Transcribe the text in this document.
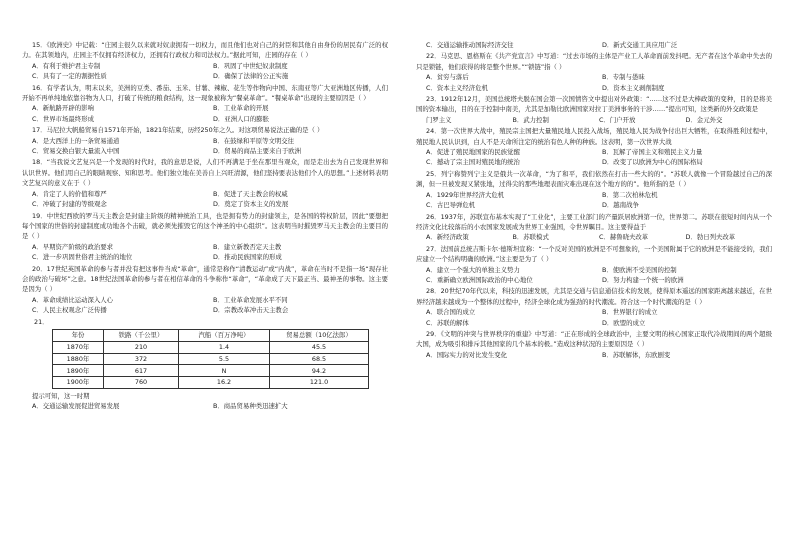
15．《欧洲史》中记载：“庄园主很久以来就对奴隶拥有一切权力，而且他们也对自己的封臣和其他自由身份的居民有广泛的权力。在其领地内，庄园主不仅拥有经济权力，还拥有行政权力和司法权力。”据此可知，庄园的存在（ ）

A．有利于维护君主专制	B．巩固了中世纪奴隶制度
C．具有了一定的割据性质	D．确保了法律的公正实施

16．有学者认为，明末以来，美洲的豆类、番茄、玉米、甘薯、辣椒、花生等作物向中国、东南亚等广大亚洲地区传播，人们开始不再单纯地依靠谷物为人口，打破了传统的粮食结构，这一现象被称为“餐桌革命”。“餐桌革命”出现的主要原因是（ ）

A．新航路开辟的影响	B．工业革命的开展
C．世界市场最终形成	D．亚洲人口的膨胀

17．马尼拉大帆船贸易自1571年开始，1821年结束，历经250年之久。对这项贸易说法正确的是（ ）

A．是大西洋上的一条贸易通道	B．在鼓绿和平原等文明交往
C．贸易交换白银大量流入中国	D．贸易的商品主要来自于欧洲

18．“当我说文艺复兴是一个发现的时代时，我的意思是说，人们不再满足于坐在那里当观众，而是走出去为自己发现世界和认识世界。他们用自己的眼睛观察、知和思考。他们独立地在美善自上兴旺清源，他们坚持要表达他们个人的思想。”上述材料表明文艺复兴的意义在于（ ）

A．肯定了人的价值和尊严	B．促进了天主教会的权威
C．冲破了封建的等级观念	D．奠定了资本主义的发展

19．中世纪西欧的罗马天主教会是封建主阶级的精神统治工具，也是拥有势力的封建领主，是各国的特权阶层，因此“要想把每个国家的世俗的封建制度成功地各个击破，就必须先摧毁它的这个神圣的中心组织”。这表明当时摧毁罗马天主教会的主要目的是（ ）

A．早期资产阶级的政治要求	B．建立新教否定天主教
C．进一步巩固世俗君主统治的地位	D．推动民族国家的形成

20．17世纪英国革命的参与者并没有把这事件当成“革命”，通常是称作“清教运动”或“内战”，革命在当时不是指一场“现存社会的政治与破坏”之意。18世纪法国革命的参与者在相信革命的斗争称作“革命”，“革命成了天下最正当、最神圣的事物。这主要是因为（ ）

A．革命成绩比运动深入人心	B．工业革命发展水平不同
C．人民主权观念广泛传播	D．宗教改革冲击天主教会
21．
年份	铁路（千公里）	汽船（百万净吨）	贸易总额（10亿法郎）
1870年	210	1.4	45.5
1880年	372	5.5	68.5
1890年	617	N	94.2
1900年	760	16.2	121.0

提示可知，这一时期

A．交通运输发展促进贸易发展	B．商品贸易种类迅速扩大
C．交通运输推动国际经济交往	D．新式交通工具应用广泛

22．马克思、恩格斯在《共产党宣言》中写道：“过去市场的主体是产业工人革命面前发抖吧。无产者在这个革命中失去的只是锁链，他们获得的将是整个世界。”“锁链”指（ ）

A．贫穷与落后	B．专制与愚昧
C．资本主义经济危机	D．资本主义剥削制度

23．1912年12月，美国总统塔夫脱在国会第一次国情咨文中提出对外政策：“……这不过是大棒政策的变种，目的是将美国的资本输出，目的在于控制中南美，尤其是加勒比欧洲国家对拉丁美洲事务的干涉……”提出可知，这类新的外交政策是

门罗主义	B．武力控制	C．门户开放	D．金元外交

24．第一次世界大战中，殖民宗主国把大量殖民地人民投入战场，殖民地人民为战争付出巨大牺牲，在取得胜利过程中，殖民地人民认识到，白人不是天命所注定的统治有色人种的种族。这表明，第一次世界大战

A．促进了殖民地国家的民族觉醒	B．瓦解了帝国主义和殖民主义力量
C．撼动了宗主国对殖民地的统治	D．改变了以欧洲为中心的国际格局

25．列宁称赞列宁主义是俄共一次革命，“为了和平，我们依然在打击一些大的的”。“苏联人就像一个冒险越过自己的深渊，但一旦被发现又紧张地，过得尖的那些地理表面灾难出现在这个地方的的”。他所指的是（ ）

A．1929年世界经济大危机	B．第二次柏林危机
C．古巴导弹危机	D．越南战争

26．1937年，苏联宣布基本实现了“工业化”，主要工业部门的产量跃居欧洲第一位，世界第二。苏联在很短时间内从一个经济文化比较落后的小农国家发展成为世界工业强国，令世界瞩目。这主要得益于

A．新经济政策	B．苏联模式	C．赫鲁晓夫改革	D．勃日列夫改革

27．法国前总统吉斯卡尔·德斯坦宣称：“一个反对美国的欧洲是不可想象的，一个美国附属于它的欧洲是不能接受的，我们应建立一个结构明确的欧洲。”这主要是为了（ ）

A．建立一个强大的单独主义势力	B．使欧洲不受美国的控制
C．重新确立欧洲国际政治的中心地位	D．努力构建一个统一的欧洲

28．20世纪70年代以来，科技的迅速发展，尤其是交通与信息通信技术的发展，使得原本遥远的国家距离越来越近，在世界经济越来越成为一个整体的过程中，经济全球化成为强劲的时代潮流。符合这一个时代潮流的是（ ）

A．联合国的成立	B．世界银行的成立
C．苏联的解体	D．欧盟的成立

29．《文明的冲突与世界秩序的重建》中写道：“正在形成的全球政治中，主要文明的核心国家正取代冷战期间的两个超级大国，成为吸引和排斥其他国家的几个基本的极。”造成这种状况的主要原因是（ ）

A．国际实力的对比发生变化	B．苏联解体，东欧剧变
